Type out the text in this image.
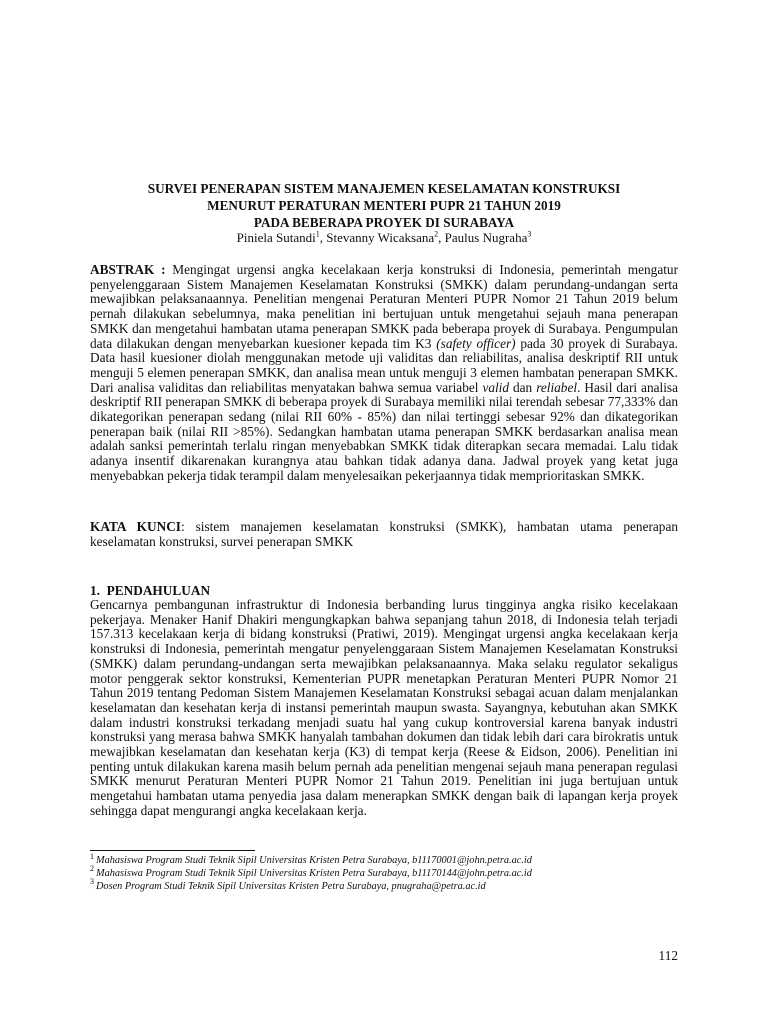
SURVEI PENERAPAN SISTEM MANAJEMEN KESELAMATAN KONSTRUKSI
MENURUT PERATURAN MENTERI PUPR 21 TAHUN 2019
PADA BEBERAPA PROYEK DI SURABAYA
Piniela Sutandi$^1$, Stevanny Wicaksana$^2$, Paulus Nugraha$^3$
ABSTRAK : Mengingat urgensi angka kecelakaan kerja konstruksi di Indonesia, pemerintah mengatur penyelenggaraan Sistem Manajemen Keselamatan Konstruksi (SMKK) dalam perundang-undangan serta mewajibkan pelaksanaannya. Penelitian mengenai Peraturan Menteri PUPR Nomor 21 Tahun 2019 belum pernah dilakukan sebelumnya, maka penelitian ini bertujuan untuk mengetahui sejauh mana penerapan SMKK dan mengetahui hambatan utama penerapan SMKK pada beberapa proyek di Surabaya. Pengumpulan data dilakukan dengan menyebarkan kuesioner kepada tim K3 (safety officer) pada 30 proyek di Surabaya. Data hasil kuesioner diolah menggunakan metode uji validitas dan reliabilitas, analisa deskriptif RII untuk menguji 5 elemen penerapan SMKK, dan analisa mean untuk menguji 3 elemen hambatan penerapan SMKK. Dari analisa validitas dan reliabilitas menyatakan bahwa semua variabel valid dan reliabel. Hasil dari analisa deskriptif RII penerapan SMKK di beberapa proyek di Surabaya memiliki nilai terendah sebesar 77,333% dan dikategorikan penerapan sedang (nilai RII 60% - 85%) dan nilai tertinggi sebesar 92% dan dikategorikan penerapan baik (nilai RII >85%). Sedangkan hambatan utama penerapan SMKK berdasarkan analisa mean adalah sanksi pemerintah terlalu ringan menyebabkan SMKK tidak diterapkan secara memadai. Lalu tidak adanya insentif dikarenakan kurangnya atau bahkan tidak adanya dana. Jadwal proyek yang ketat juga menyebabkan pekerja tidak terampil dalam menyelesaikan pekerjaannya tidak memprioritaskan SMKK.
KATA KUNCI: sistem manajemen keselamatan konstruksi (SMKK), hambatan utama penerapan keselamatan konstruksi, survei penerapan SMKK
1.  PENDAHULUAN
Gencarnya pembangunan infrastruktur di Indonesia berbanding lurus tingginya angka risiko kecelakaan pekerjaya. Menaker Hanif Dhakiri mengungkapkan bahwa sepanjang tahun 2018, di Indonesia telah terjadi 157.313 kecelakaan kerja di bidang konstruksi (Pratiwi, 2019). Mengingat urgensi angka kecelakaan kerja konstruksi di Indonesia, pemerintah mengatur penyelenggaraan Sistem Manajemen Keselamatan Konstruksi (SMKK) dalam perundang-undangan serta mewajibkan pelaksanaannya. Maka selaku regulator sekaligus motor penggerak sektor konstruksi, Kementerian PUPR menetapkan Peraturan Menteri PUPR Nomor 21 Tahun 2019 tentang Pedoman Sistem Manajemen Keselamatan Konstruksi sebagai acuan dalam menjalankan keselamatan dan kesehatan kerja di instansi pemerintah maupun swasta. Sayangnya, kebutuhan akan SMKK dalam industri konstruksi terkadang menjadi suatu hal yang cukup kontroversial karena banyak industri konstruksi yang merasa bahwa SMKK hanyalah tambahan dokumen dan tidak lebih dari cara birokratis untuk mewajibkan keselamatan dan kesehatan kerja (K3) di tempat kerja (Reese & Eidson, 2006). Penelitian ini penting untuk dilakukan karena masih belum pernah ada penelitian mengenai sejauh mana penerapan regulasi SMKK menurut Peraturan Menteri PUPR Nomor 21 Tahun 2019. Penelitian ini juga bertujuan untuk mengetahui hambatan utama penyedia jasa dalam menerapkan SMKK dengan baik di lapangan kerja proyek sehingga dapat mengurangi angka kecelakaan kerja.
$^1$ Mahasiswa Program Studi Teknik Sipil Universitas Kristen Petra Surabaya, b11170001@john.petra.ac.id
$^2$ Mahasiswa Program Studi Teknik Sipil Universitas Kristen Petra Surabaya, b11170144@john.petra.ac.id
$^3$ Dosen Program Studi Teknik Sipil Universitas Kristen Petra Surabaya, pnugraha@petra.ac.id
112
